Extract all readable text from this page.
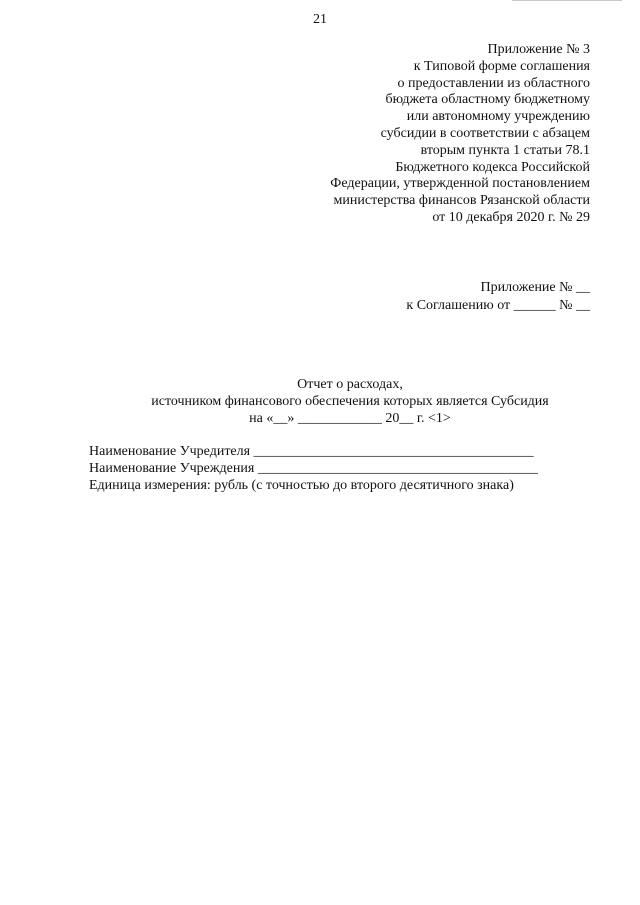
21
Приложение № 3
к Типовой форме соглашения
о предоставлении из областного
бюджета областному бюджетному
или автономному учреждению
субсидии в соответствии с абзацем
вторым пункта 1 статьи 78.1
Бюджетного кодекса Российской
Федерации, утвержденной постановлением
министерства финансов Рязанской области
от 10 декабря 2020 г. № 29
Приложение № __
к Соглашению от ______ № __
Отчет о расходах,
источником финансового обеспечения которых является Субсидия
на «__» ____________ 20__ г. <1>
Наименование Учредителя ________________________________________
Наименование Учреждения ________________________________________
Единица измерения: рубль (с точностью до второго десятичного знака)
